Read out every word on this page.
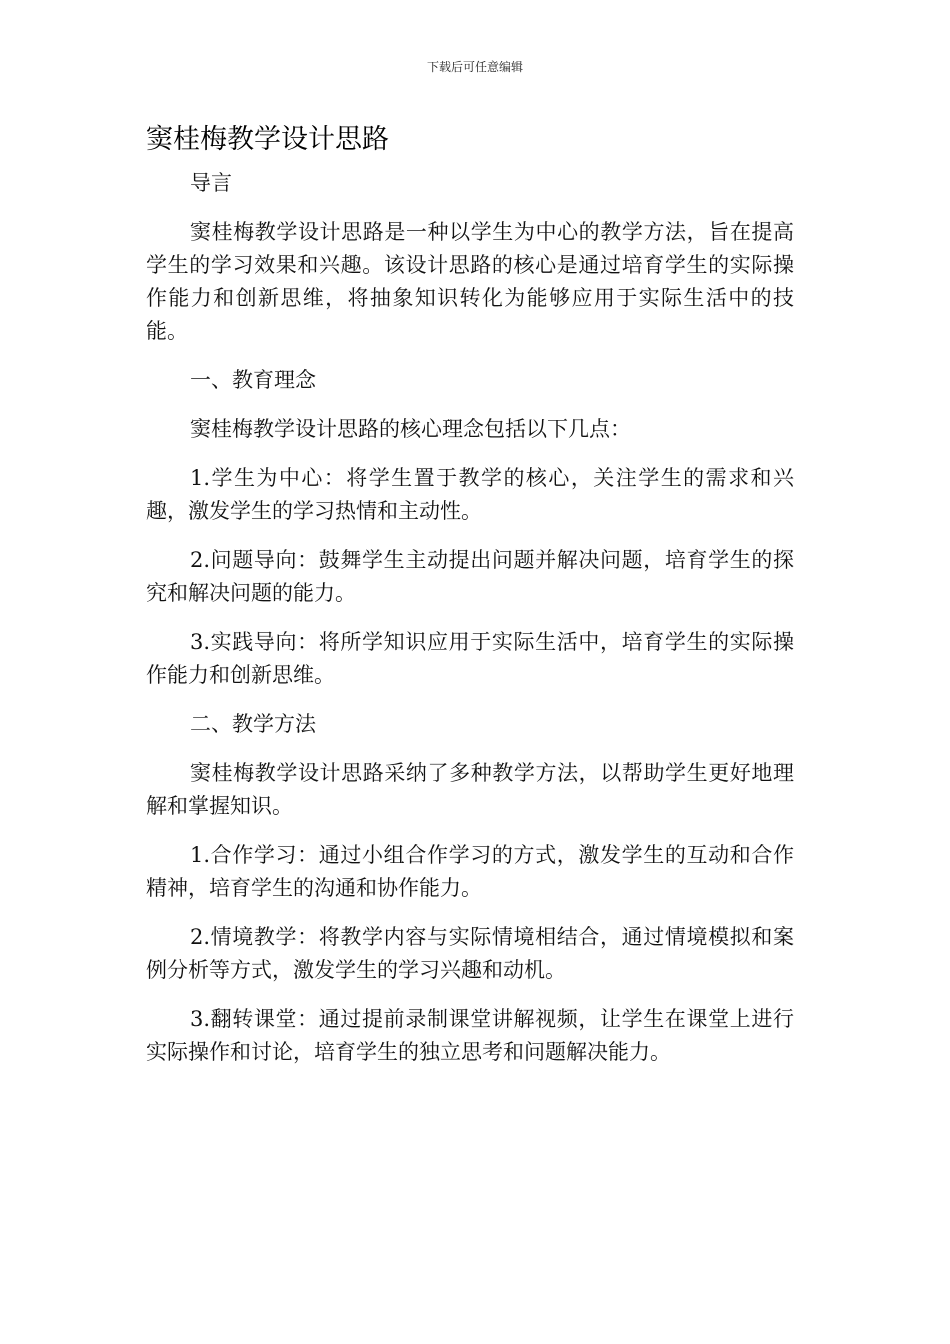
下载后可任意编辑
窦桂梅教学设计思路

导言

窦桂梅教学设计思路是一种以学生为中心的教学方法，旨在提高学生的学习效果和兴趣。该设计思路的核心是通过培育学生的实际操作能力和创新思维，将抽象知识转化为能够应用于实际生活中的技能。

一、教育理念

窦桂梅教学设计思路的核心理念包括以下几点：

1.学生为中心：将学生置于教学的核心，关注学生的需求和兴趣，激发学生的学习热情和主动性。

2.问题导向：鼓舞学生主动提出问题并解决问题，培育学生的探究和解决问题的能力。

3.实践导向：将所学知识应用于实际生活中，培育学生的实际操作能力和创新思维。

二、教学方法

窦桂梅教学设计思路采纳了多种教学方法，以帮助学生更好地理解和掌握知识。

1.合作学习：通过小组合作学习的方式，激发学生的互动和合作精神，培育学生的沟通和协作能力。

2.情境教学：将教学内容与实际情境相结合，通过情境模拟和案例分析等方式，激发学生的学习兴趣和动机。

3.翻转课堂：通过提前录制课堂讲解视频，让学生在课堂上进行实际操作和讨论，培育学生的独立思考和问题解决能力。
